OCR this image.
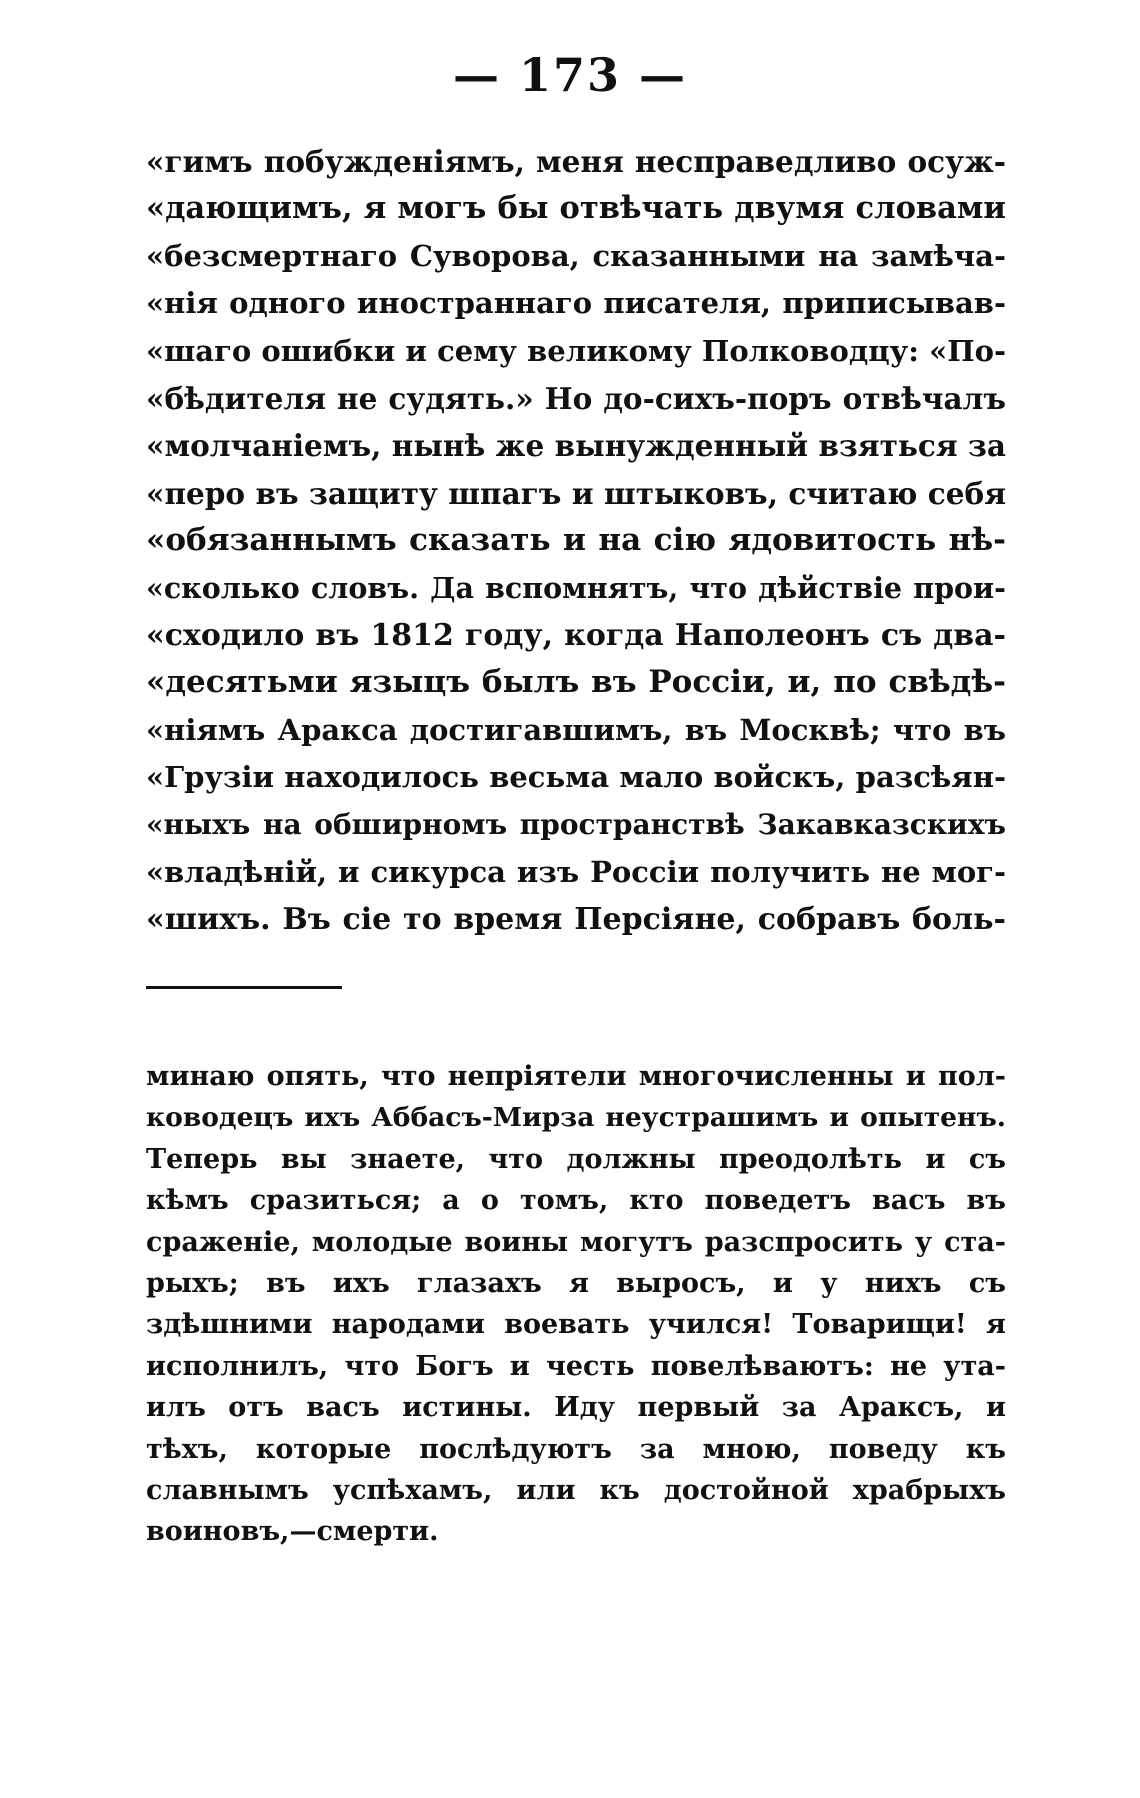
— 173 —
«гимъ побужденіямъ, меня несправедливо осуж-
«дающимъ, я могъ бы отвѣчать двумя словами
«безсмертнаго Суворова, сказанными на замѣча-
«нія одного иностраннаго писателя, приписывав-
«шаго ошибки и сему великому Полководцу: «По-
«бѣдителя не судять.» Но до-сихъ-поръ отвѣчалъ
«молчаніемъ, нынѣ же вынужденный взяться за
«перо въ защиту шпагъ и штыковъ, считаю себя
«обязаннымъ сказать и на сію ядовитость нѣ-
«сколько словъ. Да вспомнятъ, что дѣйствіе прои-
«сходило въ 1812 году, когда Наполеонъ съ два-
«десятьми языцъ былъ въ Россіи, и, по свѣдѣ-
«ніямъ Аракса достигавшимъ, въ Москвѣ; что въ
«Грузіи находилось весьма мало войскъ, разсѣян-
«ныхъ на обширномъ пространствѣ Закавказскихъ
«владѣній, и сикурса изъ Россіи получить не мог-
«шихъ. Въ сіе то время Персіяне, собравъ боль-
минаю опять, что непріятели многочисленны и пол-
ководецъ ихъ Аббасъ-Мирза неустрашимъ и опытенъ.
Теперь вы знаете, что должны преодолѣть и съ
кѣмъ сразиться; а о томъ, кто поведетъ васъ въ
сраженіе, молодые воины могутъ разспросить у ста-
рыхъ; въ ихъ глазахъ я выросъ, и у нихъ съ
здѣшними народами воевать учился! Товарищи! я
исполнилъ, что Богъ и честь повелѣваютъ: не ута-
илъ отъ васъ истины. Иду первый за Араксъ, и
тѣхъ, которые послѣдуютъ за мною, поведу къ
славнымъ успѣхамъ, или къ достойной храбрыхъ
воиновъ,—смерти.
